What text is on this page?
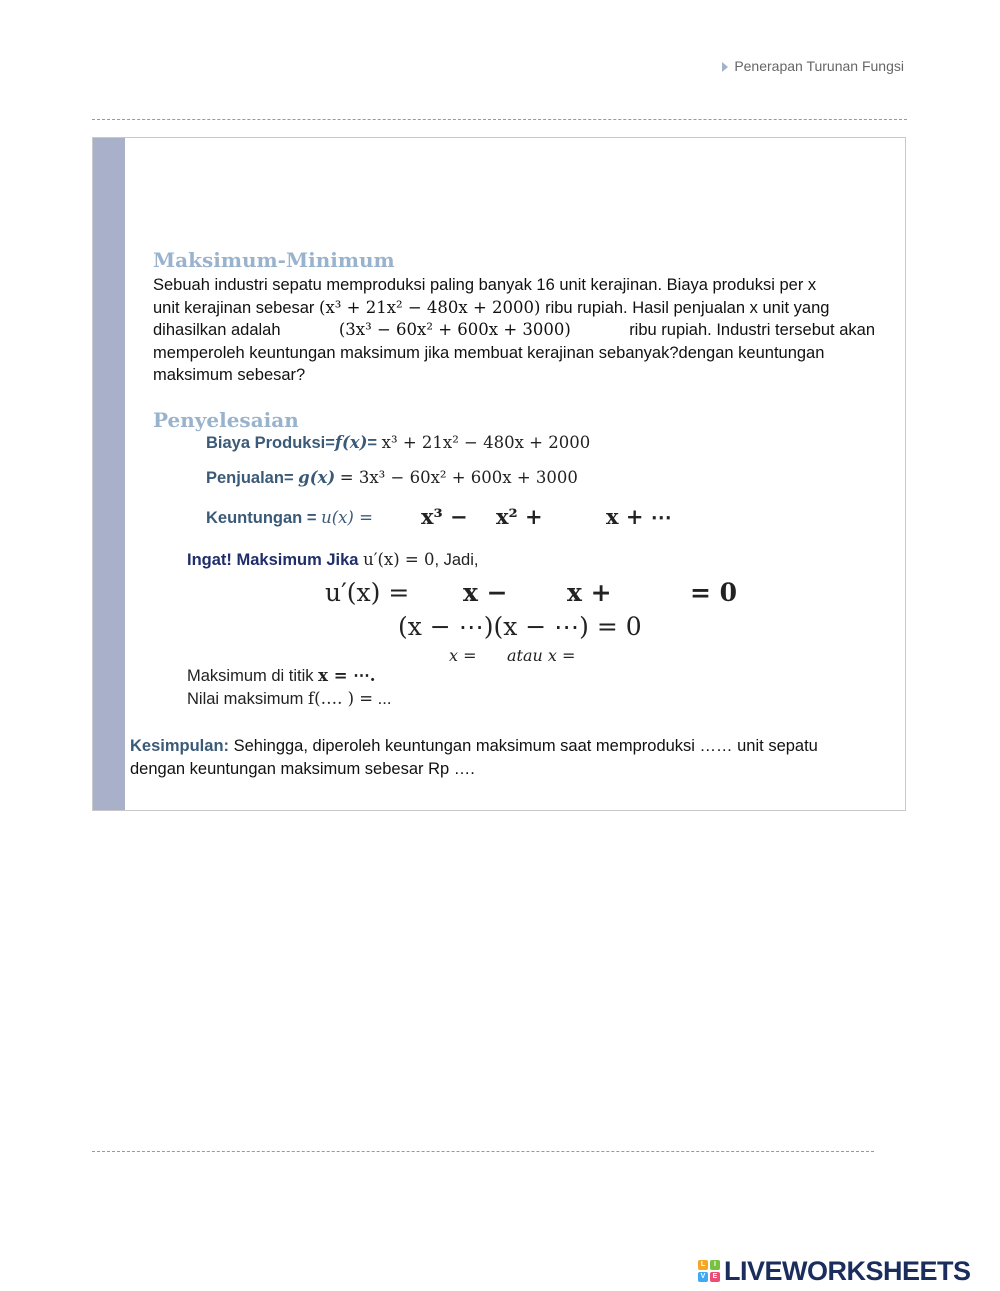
Penerapan Turunan Fungsi
Maksimum-Minimum
Sebuah industri sepatu memproduksi paling banyak 16 unit kerajinan. Biaya produksi per x
unit kerajinan sebesar (x³ + 21x² − 480x + 2000) ribu rupiah. Hasil penjualan x unit yang
dihasilkan adalah	(3x³ − 60x² + 600x + 3000)	ribu rupiah. Industri tersebut akan
memperoleh keuntungan maksimum jika membuat kerajinan sebanyak?dengan keuntungan
maksimum sebesar?
Penyelesaian
Biaya Produksi=f(x)= x³ + 21x² − 480x + 2000
Penjualan= g(x) = 3x³ − 60x² + 600x + 3000
Keuntungan = u(x) = x³ − x² +	x + ⋯
Ingat! Maksimum Jika u′(x) = 0, Jadi,
u′(x) = x − x +	= 0
(x − ⋯)(x − ⋯) = 0
x = atau x =
Maksimum di titik x = ⋯.
Nilai maksimum f(…. ) = ...
Kesimpulan: Sehingga, diperoleh keuntungan maksimum saat memproduksi …… unit sepatu
dengan keuntungan maksimum sebesar Rp ….
L	I
V	E LIVEWORKSHEETS
